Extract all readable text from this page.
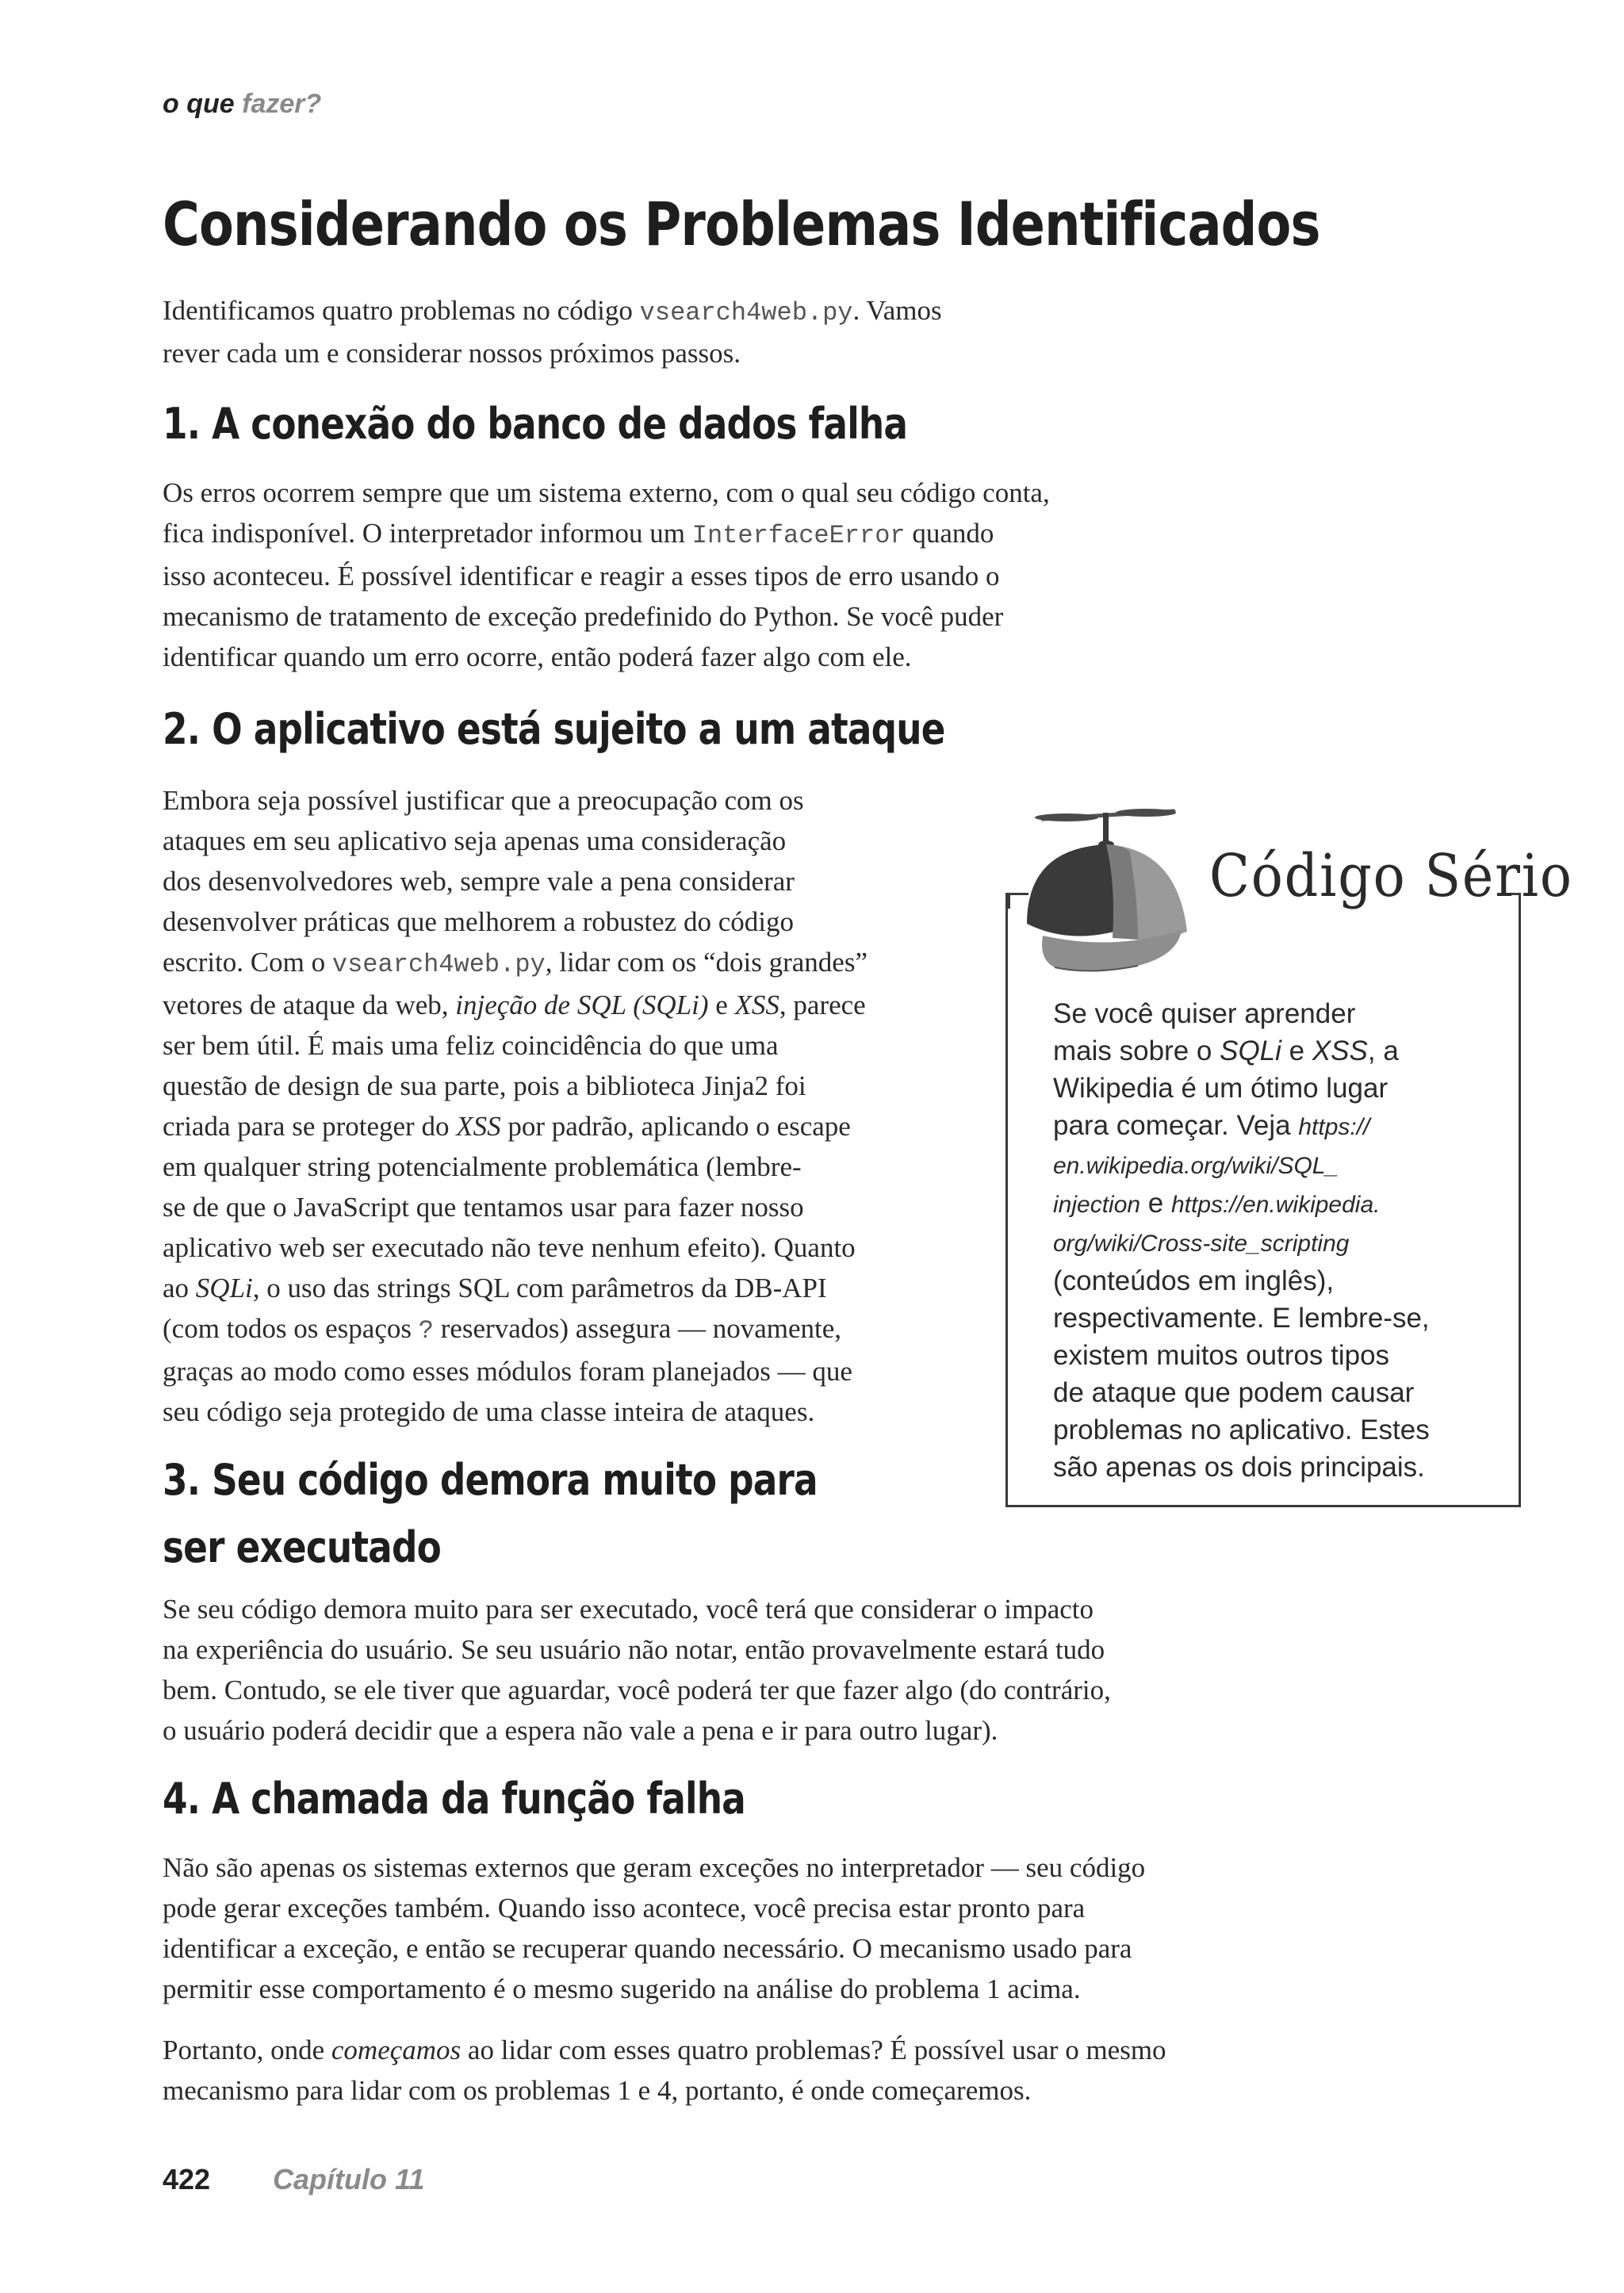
o que fazer?
Considerando os Problemas Identificados

Identificamos quatro problemas no código vsearch4web.py. Vamos

rever cada um e considerar nossos próximos passos.

1. A conexão do banco de dados falha

Os erros ocorrem sempre que um sistema externo, com o qual seu código conta,

fica indisponível. O interpretador informou um InterfaceError quando

isso aconteceu. É possível identificar e reagir a esses tipos de erro usando o

mecanismo de tratamento de exceção predefinido do Python. Se você puder

identificar quando um erro ocorre, então poderá fazer algo com ele.

2. O aplicativo está sujeito a um ataque

Embora seja possível justificar que a preocupação com os

ataques em seu aplicativo seja apenas uma consideração

dos desenvolvedores web, sempre vale a pena considerar

desenvolver práticas que melhorem a robustez do código

escrito. Com o vsearch4web.py, lidar com os “dois grandes”

vetores de ataque da web, injeção de SQL (SQLi) e XSS, parece

ser bem útil. É mais uma feliz coincidência do que uma

questão de design de sua parte, pois a biblioteca Jinja2 foi

criada para se proteger do XSS por padrão, aplicando o escape

em qualquer string potencialmente problemática (lembre-

se de que o JavaScript que tentamos usar para fazer nosso

aplicativo web ser executado não teve nenhum efeito). Quanto

ao SQLi, o uso das strings SQL com parâmetros da DB-API

(com todos os espaços ? reservados) assegura — novamente,

graças ao modo como esses módulos foram planejados — que

seu código seja protegido de uma classe inteira de ataques.

Código Sério
Se você quiser aprender
mais sobre o SQLi e XSS, a
Wikipedia é um ótimo lugar
para começar. Veja https://
en.wikipedia.org/wiki/SQL_
injection e https://en.wikipedia.
org/wiki/Cross-site_scripting
(conteúdos em inglês),
respectivamente. E lembre-se,
existem muitos outros tipos
de ataque que podem causar
problemas no aplicativo. Estes
são apenas os dois principais.
3. Seu código demora muito para
ser executado

Se seu código demora muito para ser executado, você terá que considerar o impacto

na experiência do usuário. Se seu usuário não notar, então provavelmente estará tudo

bem. Contudo, se ele tiver que aguardar, você poderá ter que fazer algo (do contrário,

o usuário poderá decidir que a espera não vale a pena e ir para outro lugar).

4. A chamada da função falha

Não são apenas os sistemas externos que geram exceções no interpretador — seu código

pode gerar exceções também. Quando isso acontece, você precisa estar pronto para

identificar a exceção, e então se recuperar quando necessário. O mecanismo usado para

permitir esse comportamento é o mesmo sugerido na análise do problema 1 acima.

Portanto, onde começamos ao lidar com esses quatro problemas? É possível usar o mesmo

mecanismo para lidar com os problemas 1 e 4, portanto, é onde começaremos.

422 Capítulo 11
